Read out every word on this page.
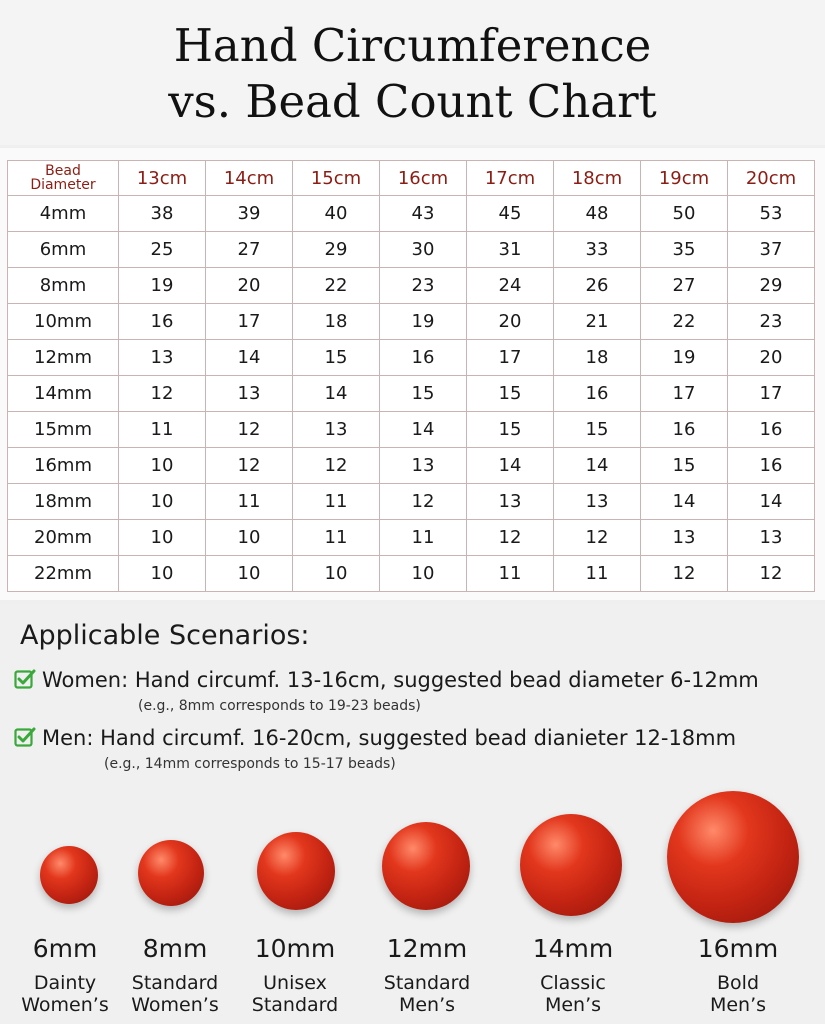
Hand Circumference
vs. Bead Count Chart
Bead
Diameter	13cm	14cm	15cm	16cm	17cm	18cm	19cm	20cm
4mm	38	39	40	43	45	48	50	53
6mm	25	27	29	30	31	33	35	37
8mm	19	20	22	23	24	26	27	29
10mm	16	17	18	19	20	21	22	23
12mm	13	14	15	16	17	18	19	20
14mm	12	13	14	15	15	16	17	17
15mm	11	12	13	14	15	15	16	16
16mm	10	12	12	13	14	14	15	16
18mm	10	11	11	12	13	13	14	14
20mm	10	10	11	11	12	12	13	13
22mm	10	10	10	10	11	11	12	12
Applicable Scenarios:
Women: Hand circumf. 13-16cm, suggested bead diameter 6-12mm
(e.g., 8mm corresponds to 19-23 beads)
Men: Hand circumf. 16-20cm, suggested bead dianieter 12-18mm
(e.g., 14mm corresponds to 15-17 beads)
6mm
Dainty
Women’s
8mm
Standard
Women’s
10mm
Unisex
Standard
12mm
Standard
Men’s
14mm
Classic
Men’s
16mm
Bold
Men’s
